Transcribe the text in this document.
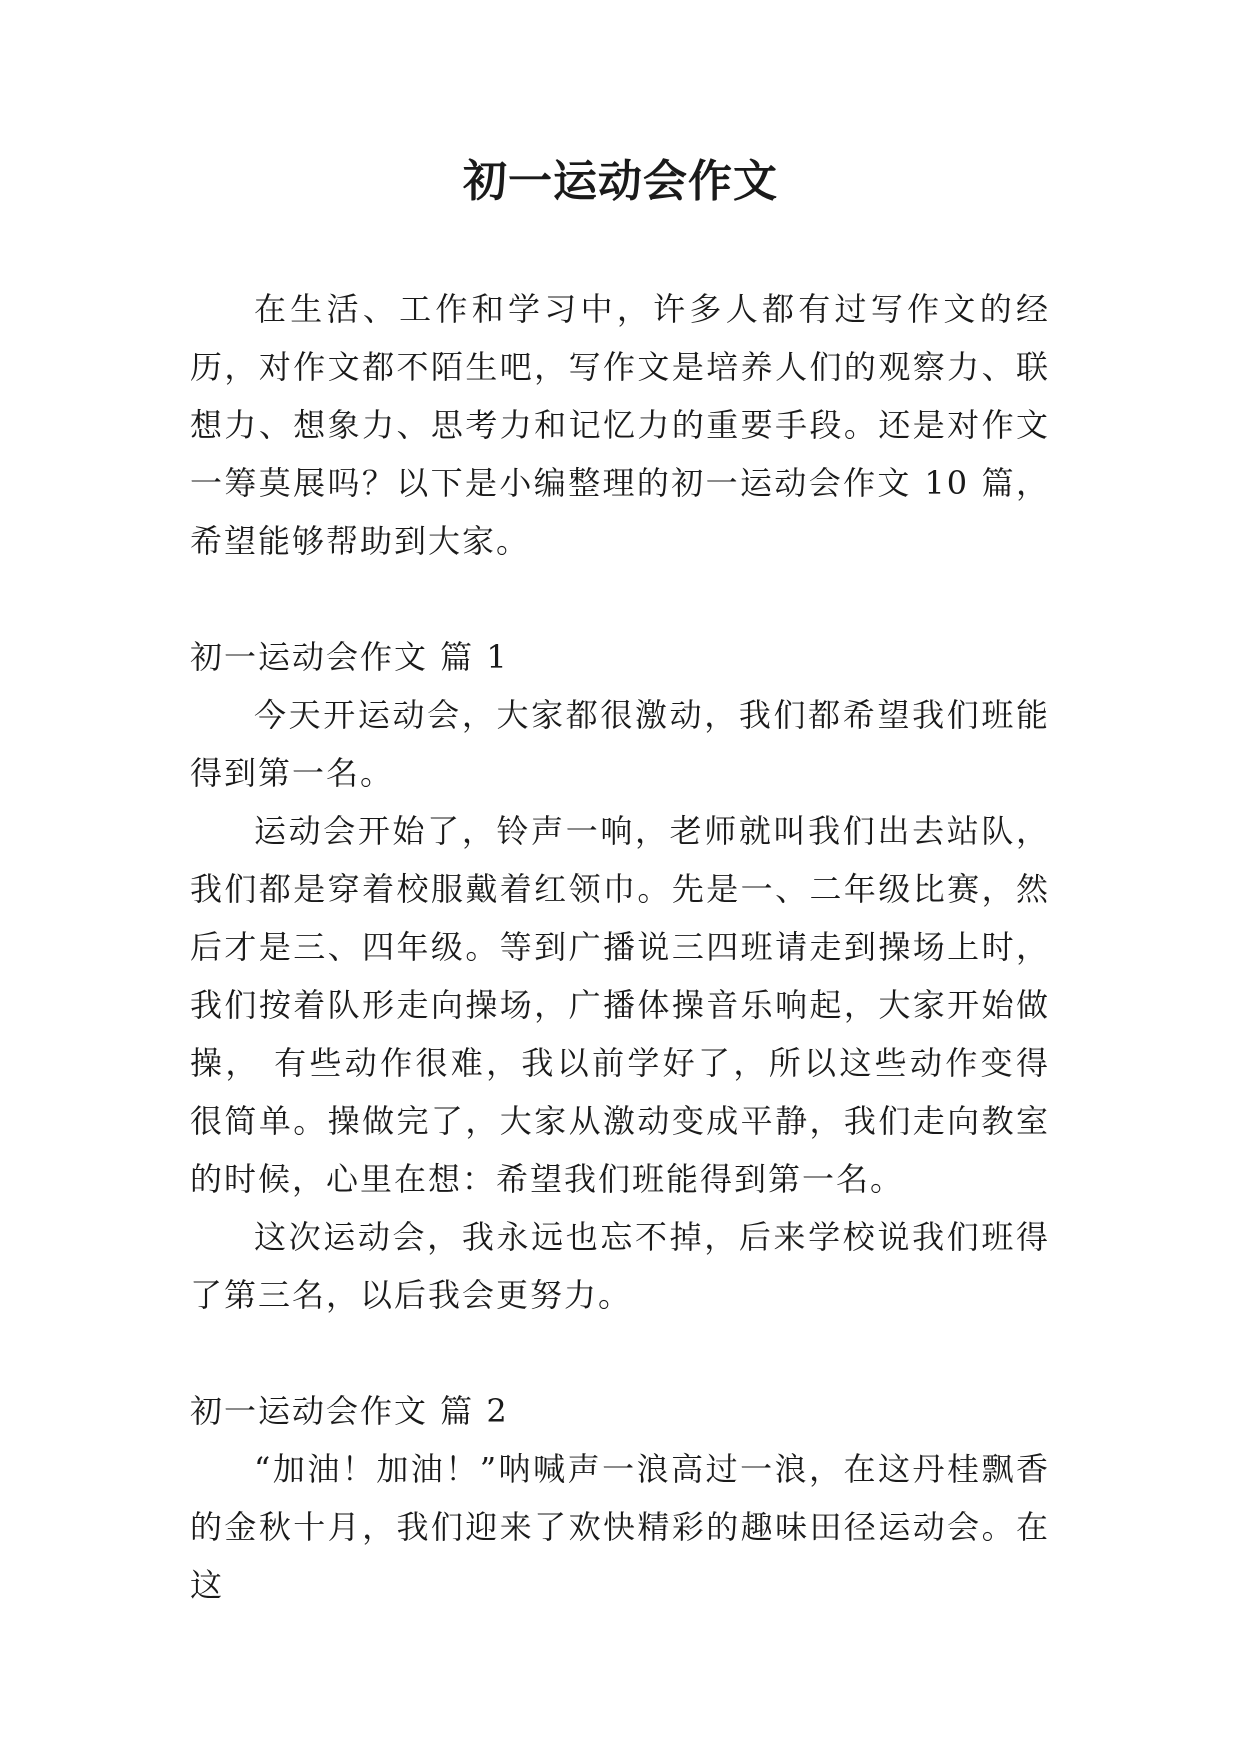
初一运动会作文

在生活、工作和学习中，许多人都有过写作文的经历，对作文都不陌生吧，写作文是培养人们的观察力、联想力、想象力、思考力和记忆力的重要手段。还是对作文一筹莫展吗？以下是小编整理的初一运动会作文 10 篇，希望能够帮助到大家。

初一运动会作文 篇 1

今天开运动会，大家都很激动，我们都希望我们班能得到第一名。

运动会开始了，铃声一响，老师就叫我们出去站队，我们都是穿着校服戴着红领巾。先是一、二年级比赛，然后才是三、四年级。等到广播说三四班请走到操场上时，我们按着队形走向操场，广播体操音乐响起，大家开始做操， 有些动作很难，我以前学好了，所以这些动作变得很简单。操做完了，大家从激动变成平静，我们走向教室的时候，心里在想：希望我们班能得到第一名。

这次运动会，我永远也忘不掉，后来学校说我们班得了第三名，以后我会更努力。

初一运动会作文 篇 2

“加油！加油！”呐喊声一浪高过一浪，在这丹桂飘香的金秋十月，我们迎来了欢快精彩的趣味田径运动会。在这
